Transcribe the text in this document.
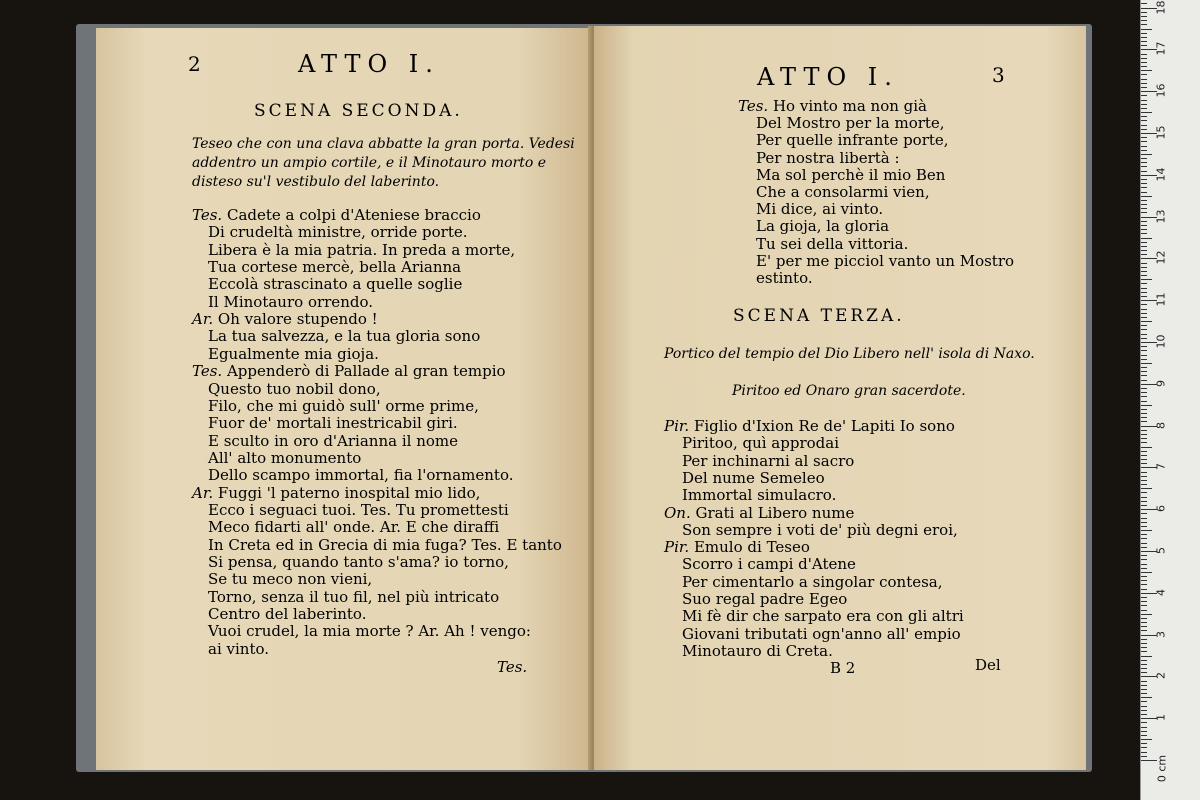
2	ATTO I.
SCENA SECONDA.
Teseo che con una clava abbatte la gran porta. Vedesi
addentro un ampio cortile, e il Minotauro morto e
disteso su'l vestibulo del laberinto.
Tes. Cadete a colpi d'Ateniese braccio
Di crudeltà ministre, orride porte.
Libera è la mia patria. In preda a morte,
Tua cortese mercè, bella Arianna
Eccolà strascinato a quelle soglie
Il Minotauro orrendo.
Ar. Oh valore stupendo !
La tua salvezza, e la tua gloria sono
Egualmente mia gioja.
Tes. Appenderò di Pallade al gran tempio
Questo tuo nobil dono,
Filo, che mi guidò sull' orme prime,
Fuor de' mortali inestricabil giri.
E sculto in oro d'Arianna il nome
All' alto monumento
Dello scampo immortal, fia l'ornamento.
Ar. Fuggi 'l paterno inospital mio lido,
Ecco i seguaci tuoi. Tes. Tu promettesti
Meco fidarti all' onde. Ar. E che diraffi
In Creta ed in Grecia di mia fuga? Tes. E tanto
Si pensa, quando tanto s'ama? io torno,
Se tu meco non vieni,
Torno, senza il tuo fil, nel più intricato
Centro del laberinto.
Vuoi crudel, la mia morte ? Ar. Ah ! vengo:
ai vinto.
Tes.
ATTO I.	3
Tes. Ho vinto ma non già
Del Mostro per la morte,
Per quelle infrante porte,
Per nostra libertà :
Ma sol perchè il mio Ben
Che a consolarmi vien,
Mi dice, ai vinto.
La gioja, la gloria
Tu sei della vittoria.
E' per me picciol vanto un Mostro
estinto.
SCENA TERZA.
Portico del tempio del Dio Libero nell' isola di Naxo.
Piritoo ed Onaro gran sacerdote.
Pir. Figlio d'Ixion Re de' Lapiti Io sono
Piritoo, quì approdai
Per inchinarni al sacro
Del nume Semeleo
Immortal simulacro.
On. Grati al Libero nume
Son sempre i voti de' più degni eroi,
Pir. Emulo di Teseo
Scorro i campi d'Atene
Per cimentarlo a singolar contesa,
Suo regal padre Egeo
Mi fè dir che sarpato era con gli altri
Giovani tributati ogn'anno all' empio
Minotauro di Creta.
B 2	Del
1
2
3
4
5
6
7
8
9
10
11
12
13
14
15
16
17
18
0 cm
